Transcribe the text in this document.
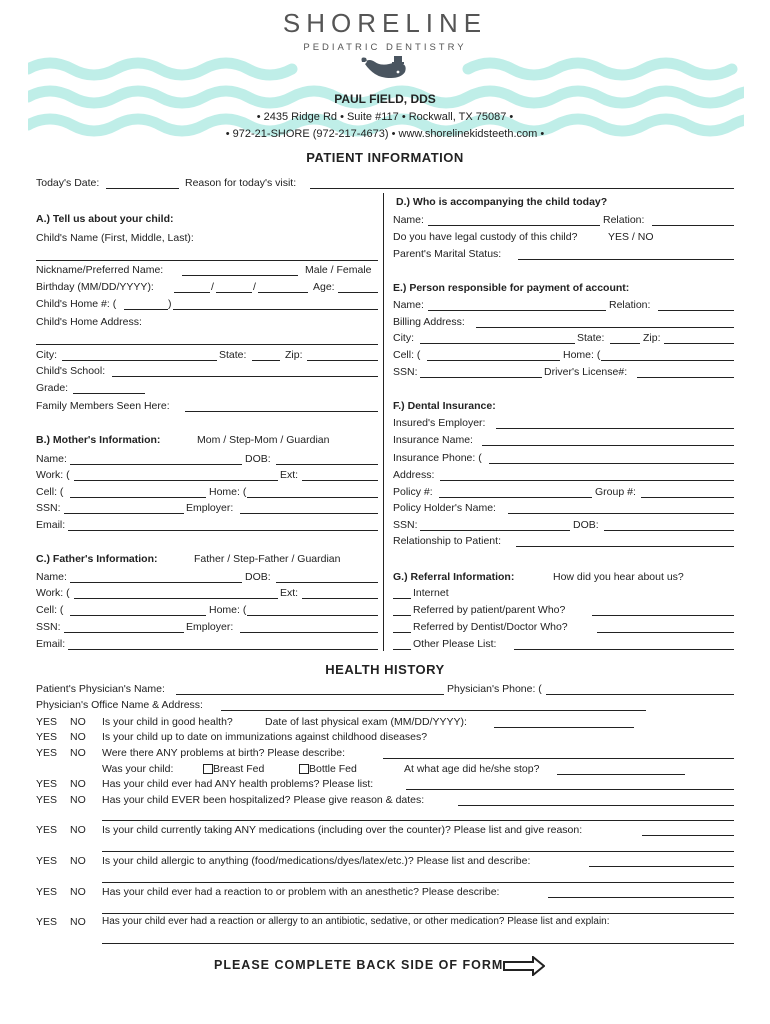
SHORELINE
PEDIATRIC DENTISTRY
PAUL FIELD, DDS
• 2435 Ridge Rd • Suite #117 • Rockwall, TX 75087 •
• 972-21-SHORE (972-217-4673) • www.shorelinekidsteeth.com •
PATIENT INFORMATION
Today's Date:	Reason for today's visit:
A.) Tell us about your child:
Child's Name (First, Middle, Last):
Nickname/Preferred Name:	Male / Female
Birthday (MM/DD/YYYY):	/	/	Age:
Child's Home #: (	)
Child's Home Address:
City:	State:	Zip:
Child's School:
Grade:
Family Members Seen Here:
B.) Mother's Information:	Mom / Step-Mom / Guardian
Name:	DOB:
Work: (	Ext:
Cell: (	Home: (
SSN:	Employer:
Email:
C.) Father's Information:	Father / Step-Father / Guardian
Name:	DOB:
Work: (	Ext:
Cell: (	Home: (
SSN:	Employer:
Email:
D.) Who is accompanying the child today?
Name:	Relation:
Do you have legal custody of this child?	YES / NO
Parent's Marital Status:
E.) Person responsible for payment of account:
Name:	Relation:
Billing Address:
City:	State:	Zip:
Cell: (	Home: (
SSN:	Driver's License#:
F.) Dental Insurance:
Insured's Employer:
Insurance Name:
Insurance Phone: (
Address:
Policy #:	Group #:
Policy Holder's Name:
SSN:	DOB:
Relationship to Patient:
G.) Referral Information:	How did you hear about us?
Internet
Referred by patient/parent Who?
Referred by Dentist/Doctor Who?
Other Please List:
HEALTH HISTORY
Patient's Physician's Name:	Physician's Phone: (
Physician's Office Name & Address:
YES NO Is your child in good health?	Date of last physical exam (MM/DD/YYYY):
YES NO Is your child up to date on immunizations against childhood diseases?
YES NO Were there ANY problems at birth? Please describe:
Was your child:	Breast Fed	Bottle Fed	At what age did he/she stop?
YES NO Has your child ever had ANY health problems? Please list:
YES NO Has your child EVER been hospitalized? Please give reason & dates:
YES NO Is your child currently taking ANY medications (including over the counter)? Please list and give reason:
YES NO Is your child allergic to anything (food/medications/dyes/latex/etc.)? Please list and describe:
YES NO Has your child ever had a reaction to or problem with an anesthetic? Please describe:
YES NO Has your child ever had a reaction or allergy to an antibiotic, sedative, or other medication? Please list and explain:
PLEASE COMPLETE BACK SIDE OF FORM
